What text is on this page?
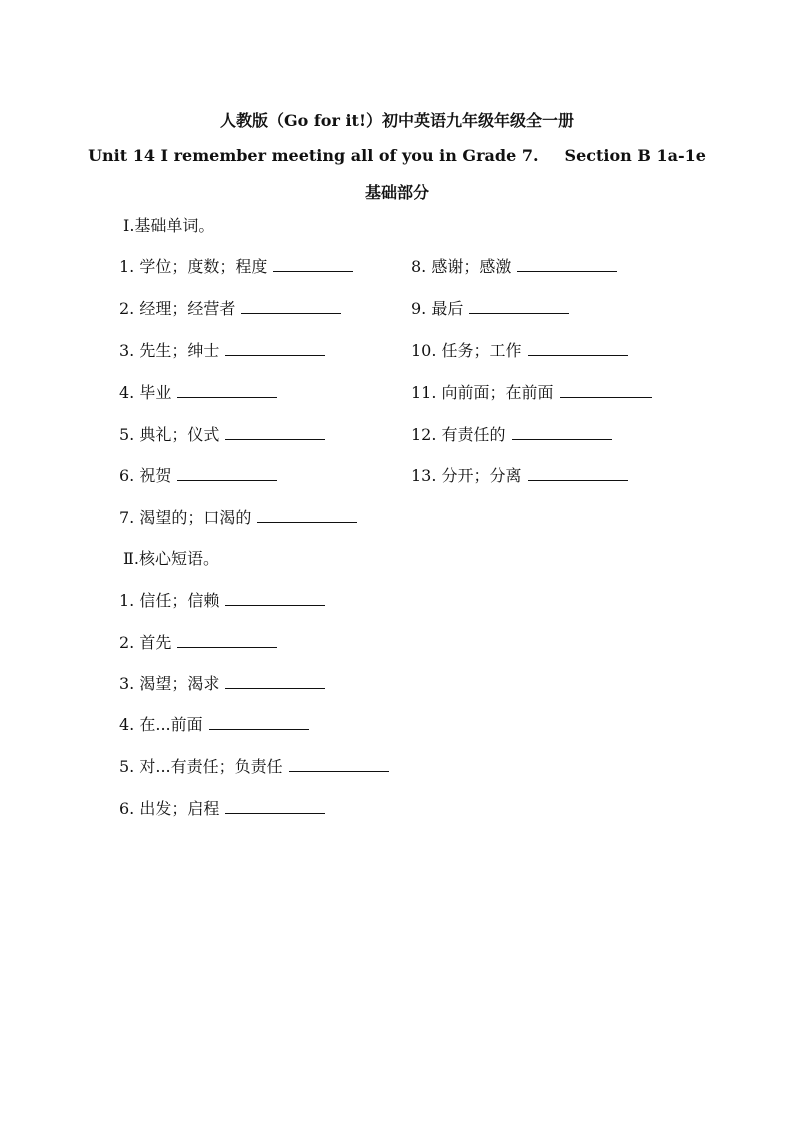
人教版（Go for it!）初中英语九年级年级全一册
Unit 14 I remember meeting all of you in Grade 7. Section B 1a-1e
基础部分
Ⅰ.基础单词。
1. 学位；度数；程度
2. 经理；经营者
3. 先生；绅士
4. 毕业
5. 典礼；仪式
6. 祝贺
7. 渴望的；口渴的
8. 感谢；感激
9. 最后
10. 任务；工作
11. 向前面；在前面
12. 有责任的
13. 分开；分离
Ⅱ.核心短语。
1. 信任；信赖
2. 首先
3. 渴望；渴求
4. 在...前面
5. 对...有责任；负责任
6. 出发；启程
